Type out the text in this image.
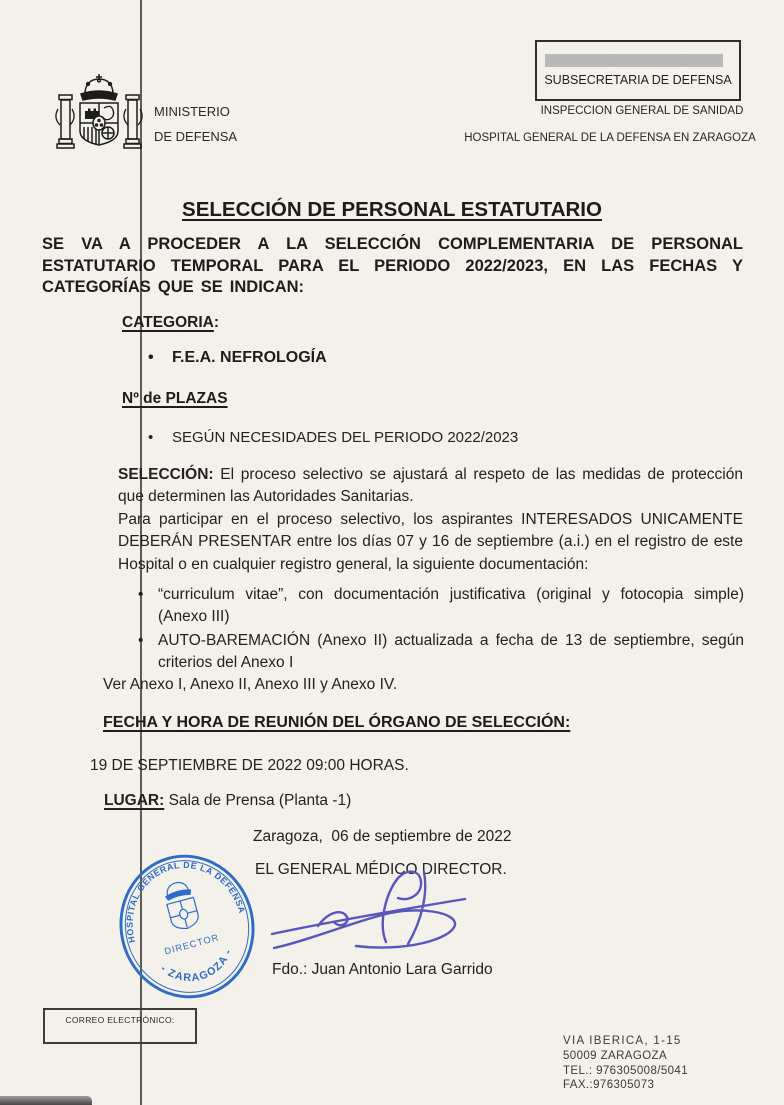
MINISTERIO
DE DEFENSA
SUBSECRETARIA DE DEFENSA
INSPECCION GENERAL DE SANIDAD
HOSPITAL GENERAL DE LA DEFENSA EN ZARAGOZA
SELECCIÓN DE PERSONAL ESTATUTARIO
SE VA A PROCEDER A LA SELECCIÓN COMPLEMENTARIA DE PERSONAL ESTATUTARIO TEMPORAL PARA EL PERIODO 2022/2023, EN LAS FECHAS Y CATEGORÍAS QUE SE INDICAN:
CATEGORIA:
• F.E.A. NEFROLOGÍA
Nº de PLAZAS
• SEGÚN NECESIDADES DEL PERIODO 2022/2023

SELECCIÓN: El proceso selectivo se ajustará al respeto de las medidas de protección que determinen las Autoridades Sanitarias.

Para participar en el proceso selectivo, los aspirantes INTERESADOS UNICAMENTE DEBERÁN PRESENTAR entre los días 07 y 16 de septiembre (a.i.) en el registro de este Hospital o en cualquier registro general, la siguiente documentación:

• “curriculum vitae”, con documentación justificativa (original y fotocopia simple) (Anexo III)
• AUTO-BAREMACIÓN (Anexo II) actualizada a fecha de 13 de septiembre, según criterios del Anexo I
Ver Anexo I, Anexo II, Anexo III y Anexo IV.
FECHA Y HORA DE REUNIÓN DEL ÓRGANO DE SELECCIÓN:
19 DE SEPTIEMBRE DE 2022 09:00 HORAS.
LUGAR: Sala de Prensa (Planta -1)
Zaragoza,  06 de septiembre de 2022
EL GENERAL MÉDICO DIRECTOR.
HOSPITAL GENERAL DE LA DEFENSA
- ZARAGOZA -
DIRECTOR
Fdo.: Juan Antonio Lara Garrido
CORREO ELECTRÓNICO:
VIA IBERICA, 1-15
50009 ZARAGOZA
TEL.: 976305008/5041
FAX.:976305073
